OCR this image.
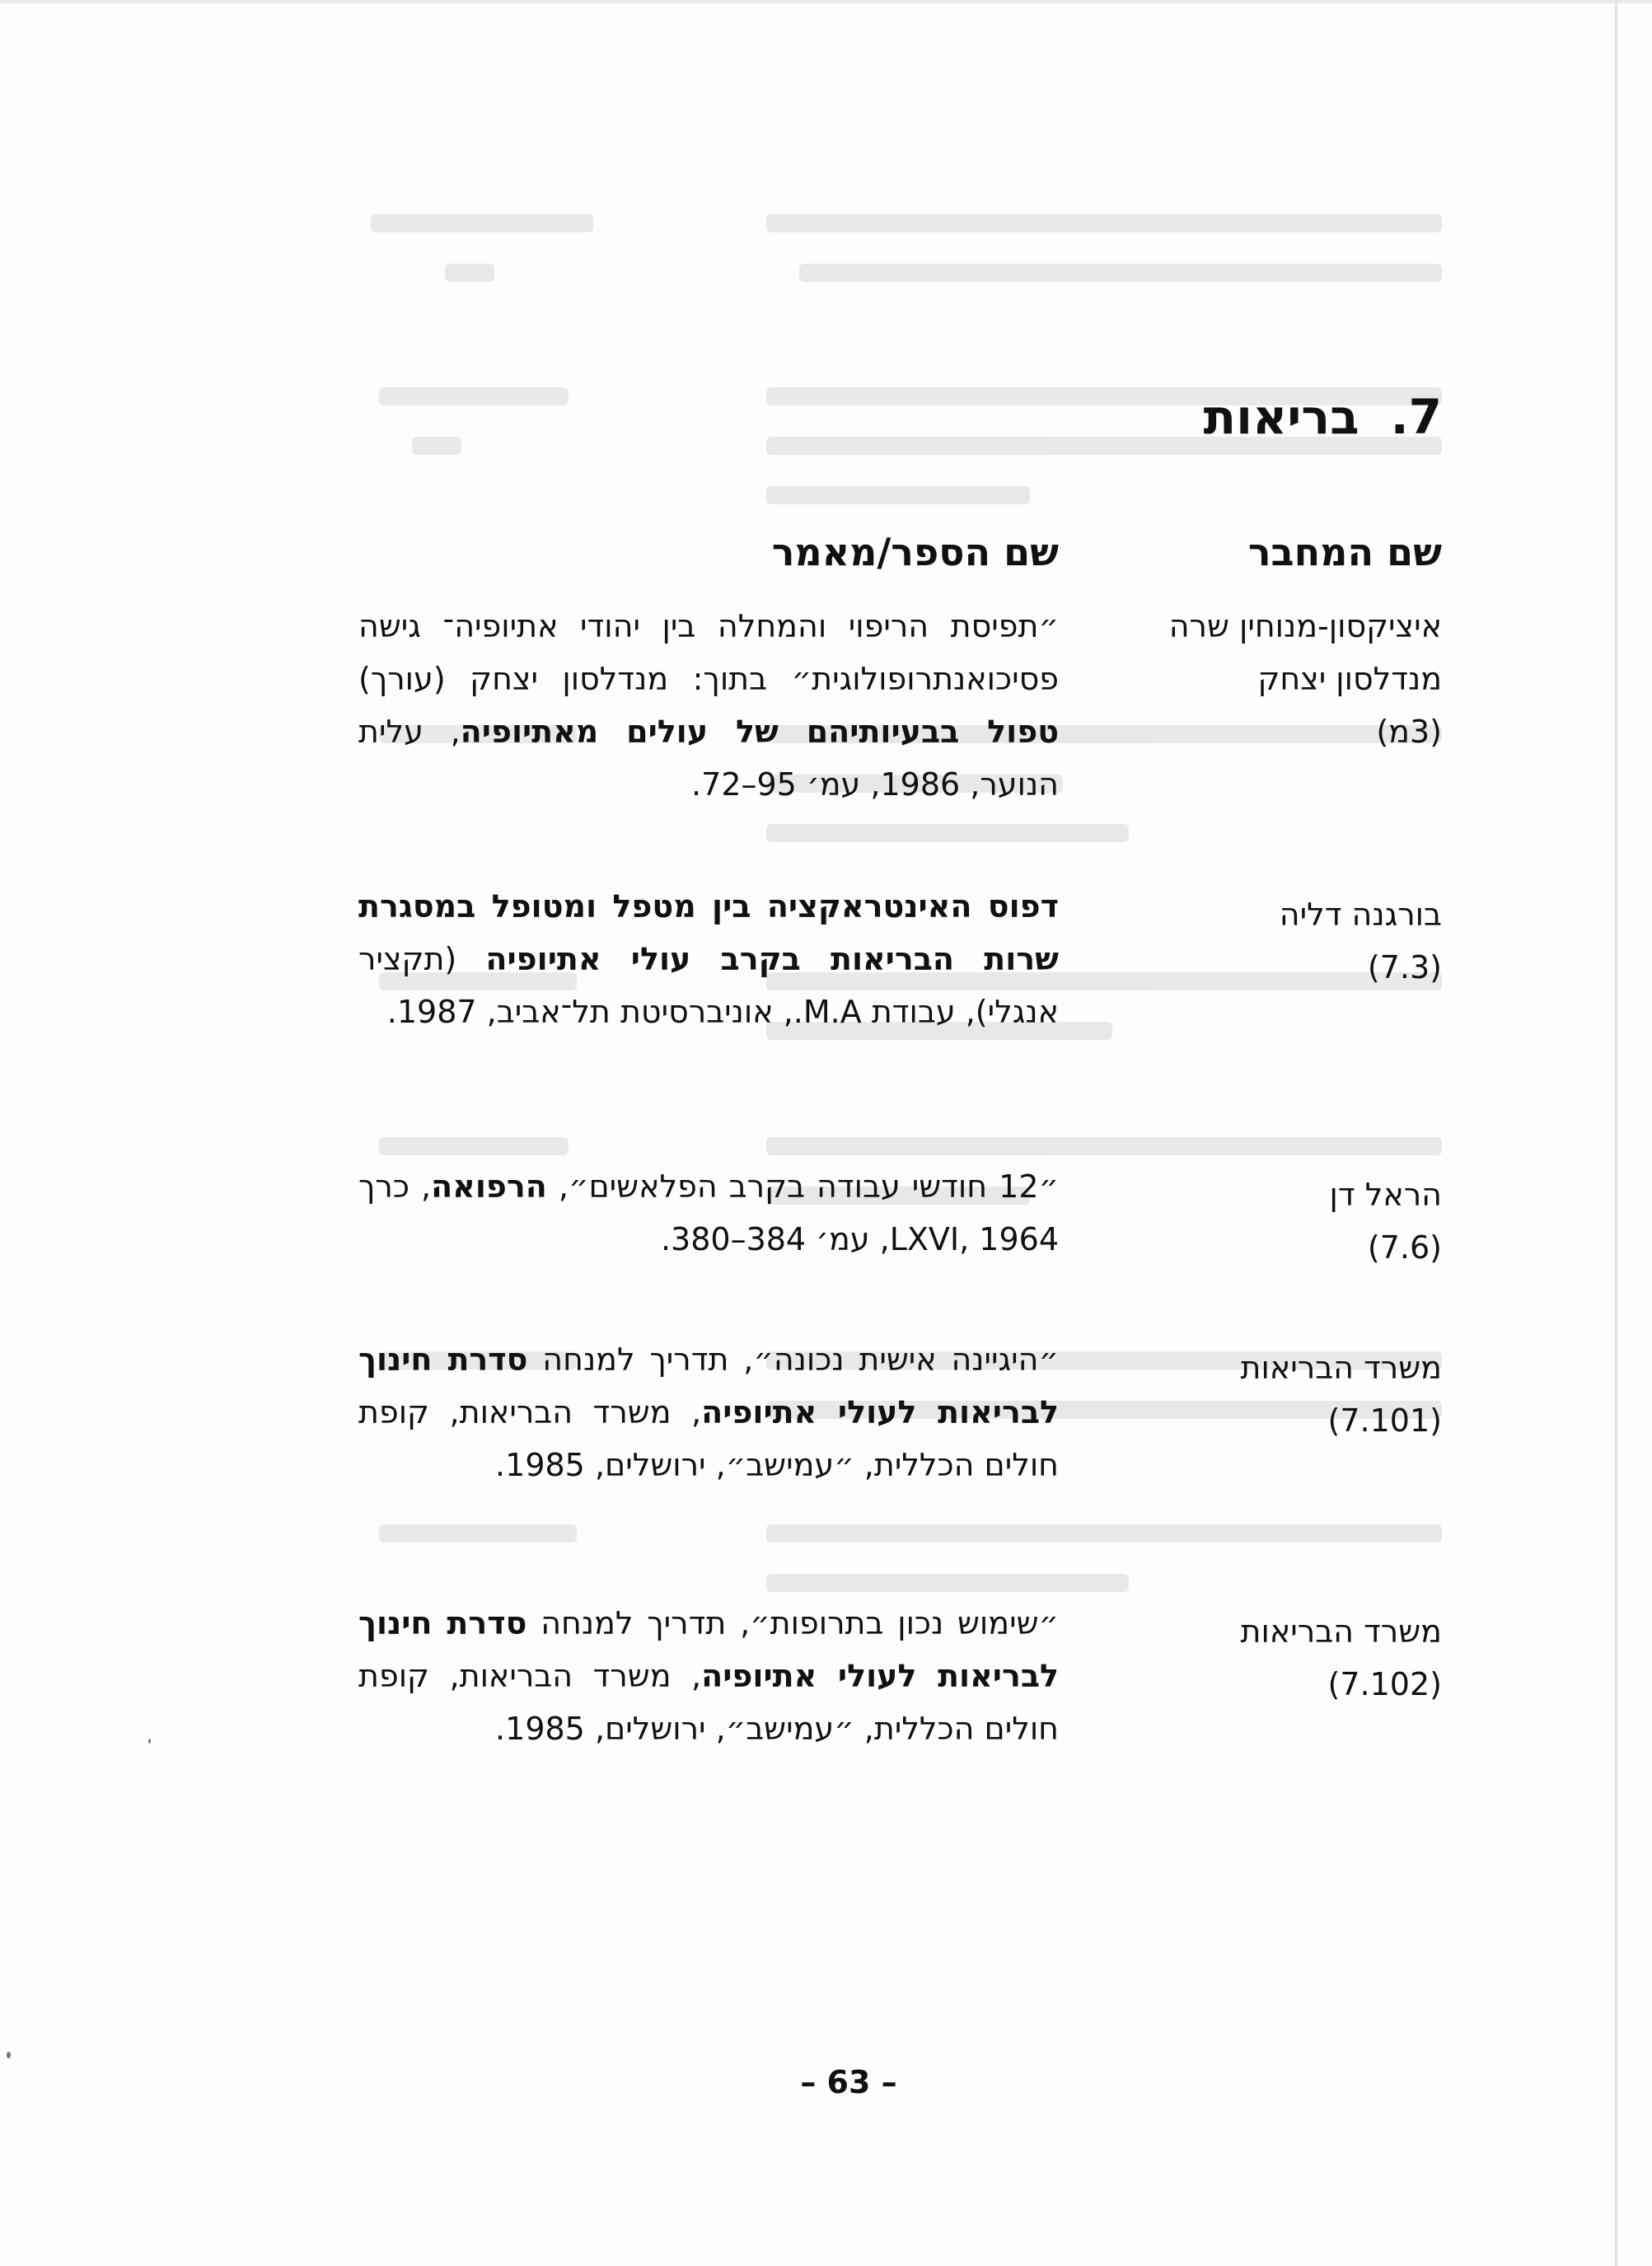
7.בריאות
שם המחבר
שם הספר/מאמר
איציקסון-מנוחין שרה
מנדלסון יצחק
(3מ)
״תפיסת הריפוי והמחלה בין יהודי אתיופיה־ גישה פסיכואנתרופולוגית״ בתוך: מנדלסון יצחק (עורך) טפול בבעיותיהם של עולים מאתיופיה, עלית הנוער, 1986, עמ׳ 95–72.
בורגנה דליה
(7.3)
דפוס האינטראקציה בין מטפל ומטופל במסגרת שרות הבריאות בקרב עולי אתיופיה (תקציר אנגלי), עבודת M.A., אוניברסיטת תל־אביב, 1987.
הראל דן
(7.6)
״12 חודשי עבודה בקרב הפלאשים״, הרפואה, כרך LXVI, 1964, עמ׳ 384–380.
משרד הבריאות
(7.101)
״היגיינה אישית נכונה״, תדריך למנחה סדרת חינוך לבריאות לעולי אתיופיה, משרד הבריאות, קופת חולים הכללית, ״עמישב״, ירושלים, 1985.
משרד הבריאות
(7.102)
״שימוש נכון בתרופות״, תדריך למנחה סדרת חינוך לבריאות לעולי אתיופיה, משרד הבריאות, קופת חולים הכללית, ״עמישב״, ירושלים, 1985.
– 63 –
